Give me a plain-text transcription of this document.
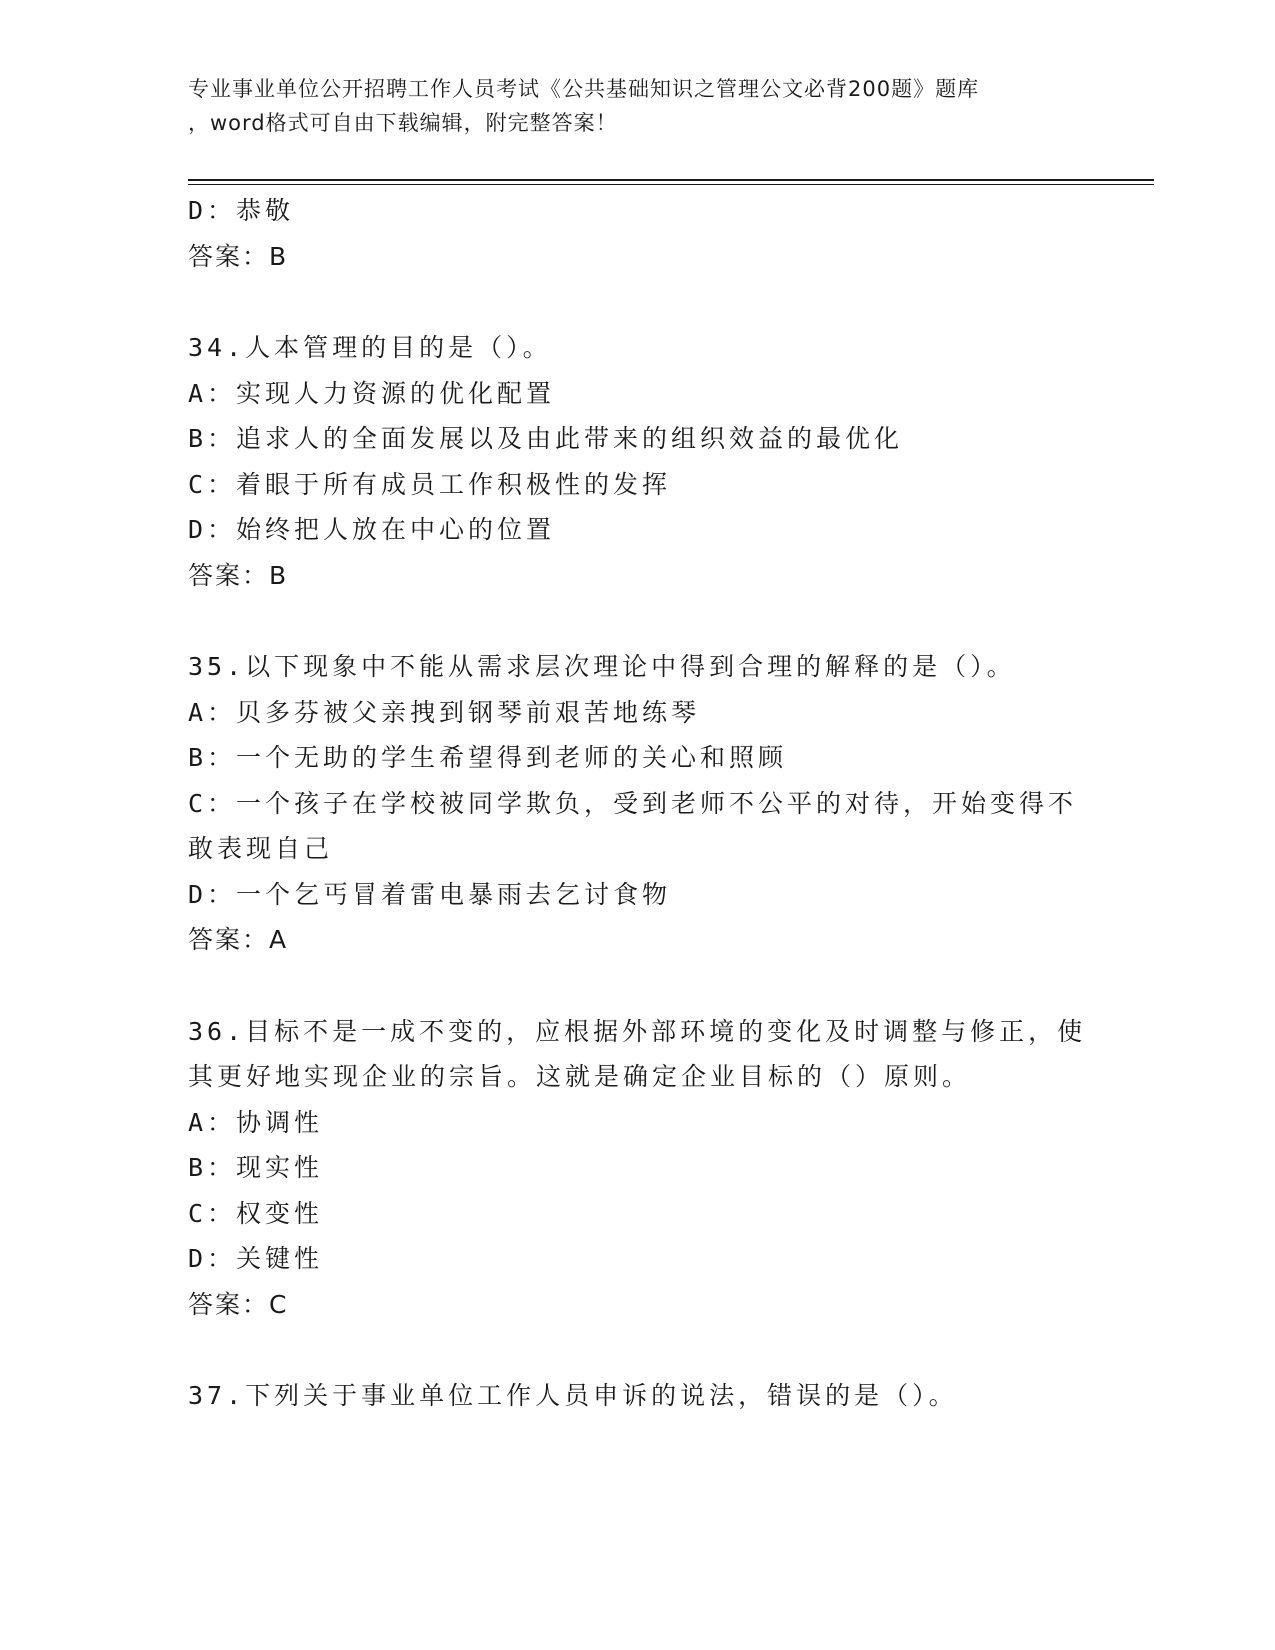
专业事业单位公开招聘工作人员考试《公共基础知识之管理公文必背200题》题库
，word格式可自由下载编辑，附完整答案！
D：恭敬
答案：B
34.人本管理的目的是（）。
A：实现人力资源的优化配置
B：追求人的全面发展以及由此带来的组织效益的最优化
C：着眼于所有成员工作积极性的发挥
D：始终把人放在中心的位置
答案：B
35.以下现象中不能从需求层次理论中得到合理的解释的是（）。
A：贝多芬被父亲拽到钢琴前艰苦地练琴
B：一个无助的学生希望得到老师的关心和照顾
C：一个孩子在学校被同学欺负，受到老师不公平的对待，开始变得不
敢表现自己
D：一个乞丐冒着雷电暴雨去乞讨食物
答案：A
36.目标不是一成不变的，应根据外部环境的变化及时调整与修正，使
其更好地实现企业的宗旨。这就是确定企业目标的（）原则。
A：协调性
B：现实性
C：权变性
D：关键性
答案：C
37.下列关于事业单位工作人员申诉的说法，错误的是（）。
